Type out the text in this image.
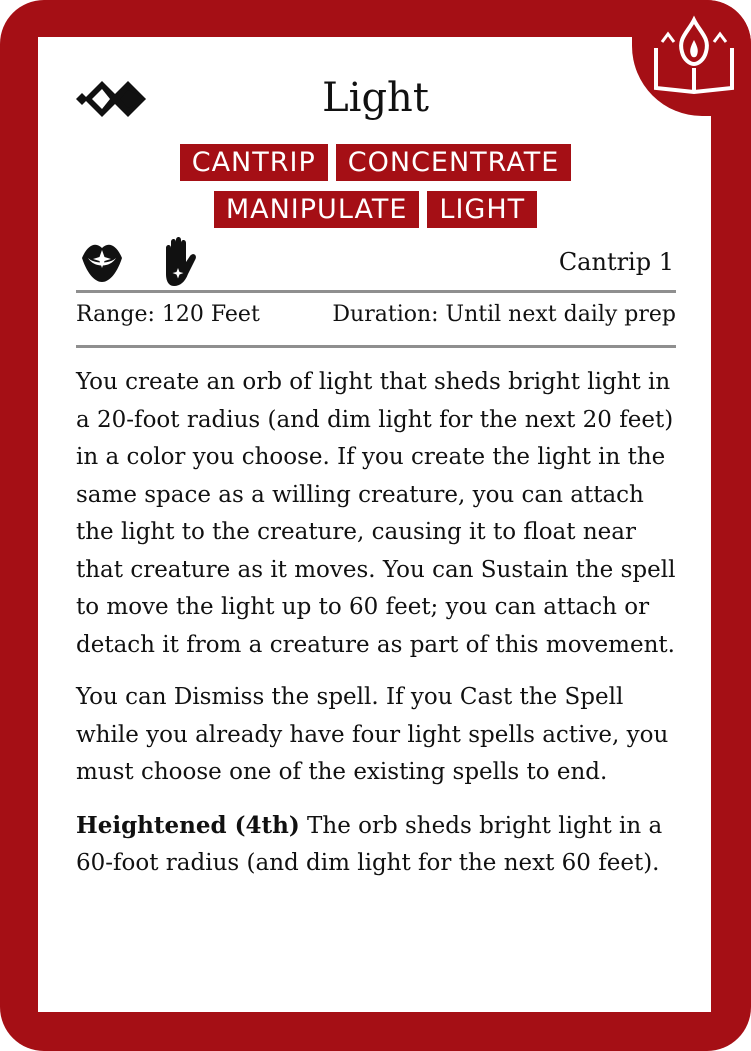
Light
CANTRIP	CONCENTRATE
MANIPULATE	LIGHT
Cantrip 1
Range: 120 Feet	Duration: Until next daily prep

You create an orb of light that sheds bright light in a 20-foot radius (and dim light for the next 20 feet) in a color you choose. If you create the light in the same space as a willing creature, you can attach the light to the creature, causing it to float near that creature as it moves. You can Sustain the spell to move the light up to 60 feet; you can attach or detach it from a creature as part of this movement.

You can Dismiss the spell. If you Cast the Spell while you already have four light spells active, you must choose one of the existing spells to end.

Heightened (4th) The orb sheds bright light in a 60-foot radius (and dim light for the next 60 feet).
